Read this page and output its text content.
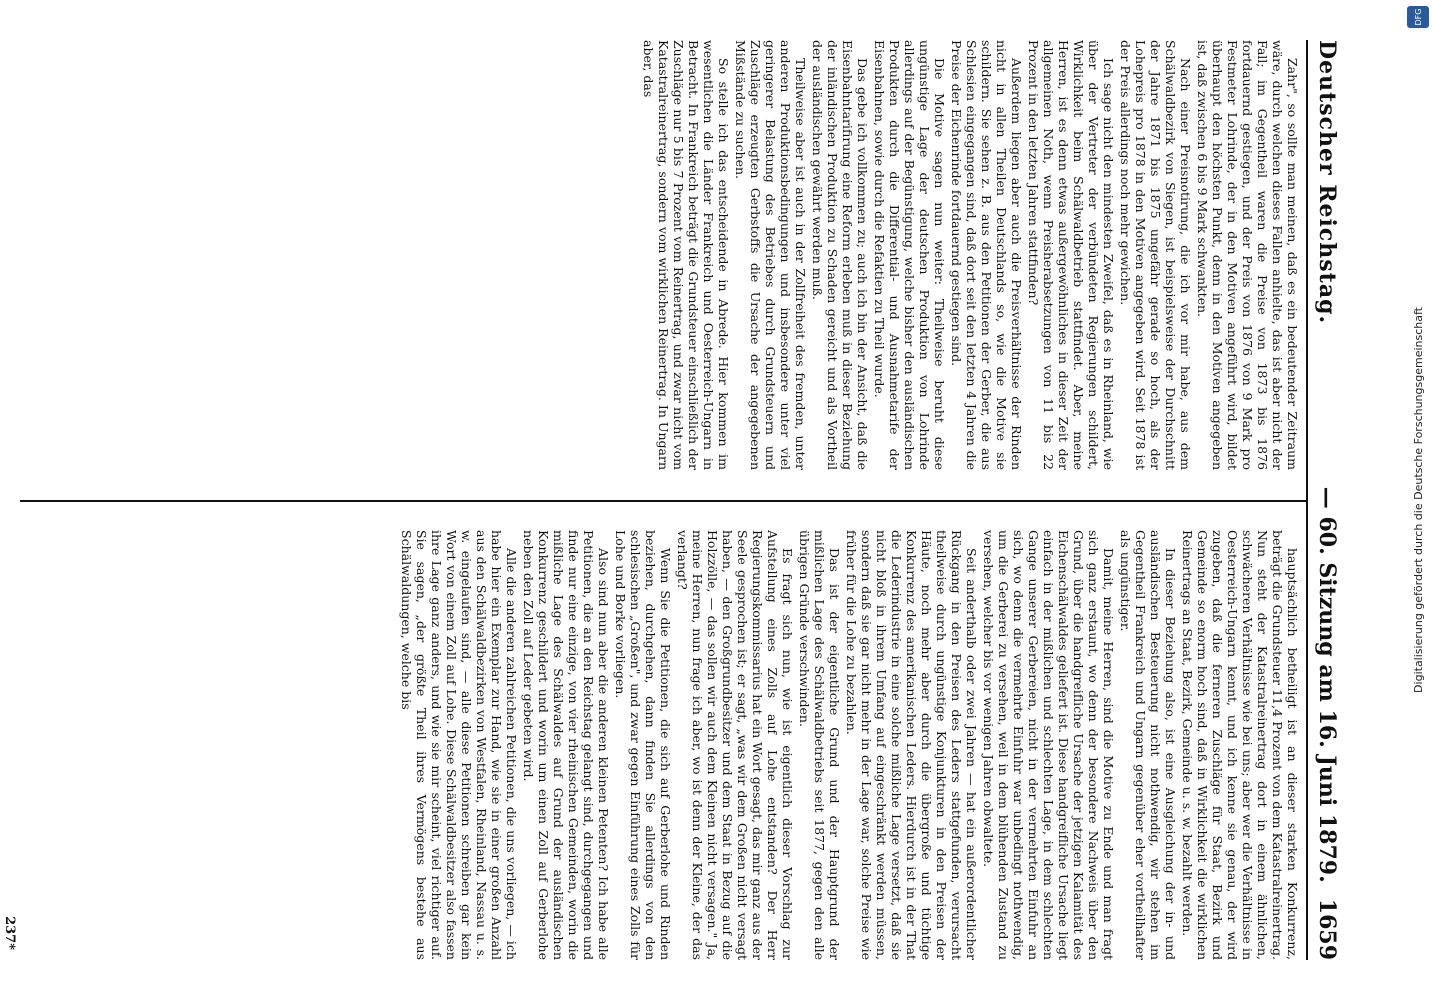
Deutscher Reichstag.
— 60. Sitzung am 16. Juni 1879.
1659

Zahr", so sollte man meinen, daß es ein bedeutender Zeitraum wäre, durch welchen dieses Fallen anhielte, das ist aber nicht der Fall; im Gegentheil waren die Preise von 1873 bis 1876 fortdauernd gestiegen, und der Preis von 1876 von 9 Mark pro Festmeter Lohrinde, der in den Motiven angeführt wird, bildet überhaupt den höchsten Punkt, denn in den Motiven angegeben ist, daß zwischen 6 bis 9 Mark schwankten.

Nach einer Preisnotirung, die ich vor mir habe, aus dem Schälwaldbezirk von Siegen, ist beispielsweise der Durchschnitt der Jahre 1871 bis 1875 ungefähr gerade so hoch, als der Lohepreis pro 1878 in den Motiven angegeben wird. Seit 1878 ist der Preis allerdings noch mehr gewichen.

Ich sage nicht den mindesten Zweifel, daß es in Rheinland, wie über der Vertreter der verbündeten Regierungen schildert, Wirklichkeit beim Schälwaldbetrieb stattfindet. Aber, meine Herren, ist es denn etwas außergewöhnliches in dieser Zeit der allgemeinen Noth, wenn Preisherabsetzungen von 11 bis 22 Prozent in den letzten Jahren stattfinden?

Außerdem liegen aber auch die Preisverhältnisse der Rinden nicht in allen Theilen Deutschlands so, wie die Motive sie schildern. Sie sehen z. B. aus den Petitionen der Gerber, die aus Schlesien eingegangen sind, daß dort seit den letzten 4 Jahren die Preise der Eichenrinde fortdauernd gestiegen sind.

Die Motive sagen nun weiter: Theilweise beruht diese ungünstige Lage der deutschen Produktion von Lohrinde allerdings auf der Begünstigung, welche bisher den ausländischen Produkten durch die Differential- und Ausnahmetarife der Eisenbahnen, sowie durch die Refaktien zu Theil wurde.

Das gebe ich vollkommen zu; auch ich bin der Ansicht, daß die Eisenbahntarifirung eine Reform erleben muß in dieser Beziehung der inländischen Produktion zu Schaden gereicht und als Vortheil der ausländischen gewährt werden muß.

Theilweise aber ist auch in der Zollfreiheit des fremden, unter anderen Produktionsbedingungen und insbesondere unter viel geringerer Belastung des Betriebes durch Grundsteuern und Zuschläge erzeugten Gerbstoffs die Ursache der angegebenen Mißstände zu suchen.

So stelle ich das entscheidende in Abrede. Hier kommen im wesentlichen die Länder Frankreich und Oesterreich-Ungarn in Betracht. In Frankreich beträgt die Grundsteuer einschließlich der Zuschläge nur 5 bis 7 Prozent vom Reinertrag, und zwar nicht vom Katastralreinertrag, sondern vom wirklichen Reinertrag. In Ungarn aber, das

hauptsächlich betheiligt ist an dieser starken Konkurrenz, beträgt die Grundsteuer 11,4 Prozent von dem Katastralreinertrag. Nun steht der Katastralreinertrag dort in einem ähnlichen, schwächeren Verhältnisse wie bei uns; aber wer die Verhältnisse in Oesterreich-Ungarn kennt, und ich kenne sie genau, der wird zugeben, daß die ferneren Zuschläge für Staat, Bezirk und Gemeinde so enorm hoch sind, daß in Wirklichkeit die wirklichen Reinertrags an Staat, Bezirk, Gemeinde u. s. w. bezahlt werden.

In dieser Beziehung also, ist eine Ausgleichung der in- und ausländischen Besteuerung nicht nothwendig, wir stehen im Gegentheil Frankreich und Ungarn gegenüber eher vortheilhafter als ungünstiger.

Damit, meine Herren, sind die Motive zu Ende und man fragt sich ganz erstaunt, wo denn der besondere Nachweis über den Grund, über die handgreifliche Ursache der jetzigen Kalamität des Eichenschälwaldes geliefert ist. Diese handgreifliche Ursache liegt einfach in der mißlichen und schlechten Lage, in dem schlechten Gange unserer Gerbereien, nicht in der vermehrten Einfuhr an sich, wo denn die vermehrte Einfuhr war unbedingt nothwendig, um die Gerberei zu versehen, weil in dem blühenden Zustand zu versehen, welcher bis vor wenigen Jahren obwaltete.

Seit anderthalb oder zwei Jahren — hat ein außerordentlicher Rückgang in den Preisen des Leders stattgefunden, verursacht theilweise durch ungünstige Konjunkturen in den Preisen der Häute, noch mehr aber durch die übergroße und tüchtige Konkurrenz des amerikanischen Leders. Hierdurch ist in der That die Lederindustrie in eine solche mißliche Lage versetzt, daß sie nicht bloß in ihrem Umfang auf eingeschränkt werden müssen, sondern daß sie gar nicht mehr in der Lage war, solche Preise wie früher für die Lohe zu bezahlen.

Das ist der eigentliche Grund und der Hauptgrund der mißlichen Lage des Schälwaldbetriebs seit 1877, gegen den alle übrigen Gründe verschwinden.

Es fragt sich nun, wie ist eigentlich dieser Vorschlag zur Aufstellung eines Zolls auf Lohe entstanden? Der Herr Regierungskommissarius hat ein Wort gesagt, das mir ganz aus der Seele gesprochen ist; er sagt, „was wir dem Großen nicht versagt haben, — den Großgrundbesitzer und dem Staat in Bezug auf die Holzzölle, — das sollen wir auch dem Kleinen nicht versagen." Ja, meine Herren, nun frage ich aber, wo ist denn der Kleine, der das verlangt?

Wenn Sie die Petitionen, die sich auf Gerberlohe und Rinden beziehen, durchgehen, dann finden Sie allerdings von den schlesischen „Großen", und zwar gegen Einführung eines Zolls für Lohe und Borke vorliegen.

Also sind nun aber die anderen kleinen Petenten? Ich habe alle Petitionen, die an den Reichstag gelangt sind, durchgegangen und finde nur eine einzige, von vier rheinischen Gemeinden, worin die mißliche Lage des Schälwaldes auf Grund der ausländischen Konkurrenz geschildert und worin um einen Zoll auf Gerberlohe neben den Zoll auf Leder gebeten wird.

Alle die anderen zahlreichen Petitionen, die uns vorliegen, — ich habe hier ein Exemplar zur Hand, wie sie in einer großen Anzahl aus den Schälwaldbezirken von Westfalen, Rheinland, Nassau u. s. w. eingelaufen sind, — alle diese Petitionen schreiben gar kein Wort von einem Zoll auf Lohe. Diese Schälwaldbesitzer also fassen ihre Lage ganz anders, und wie sie mir scheint, viel richtiger auf. Sie sagen, „der größte Theil ihres Vermögens bestehe aus Schälwaldungen, welche bis

237*
DFG
Digitalisierung gefördert durch die Deutsche Forschungsgemeinschaft
